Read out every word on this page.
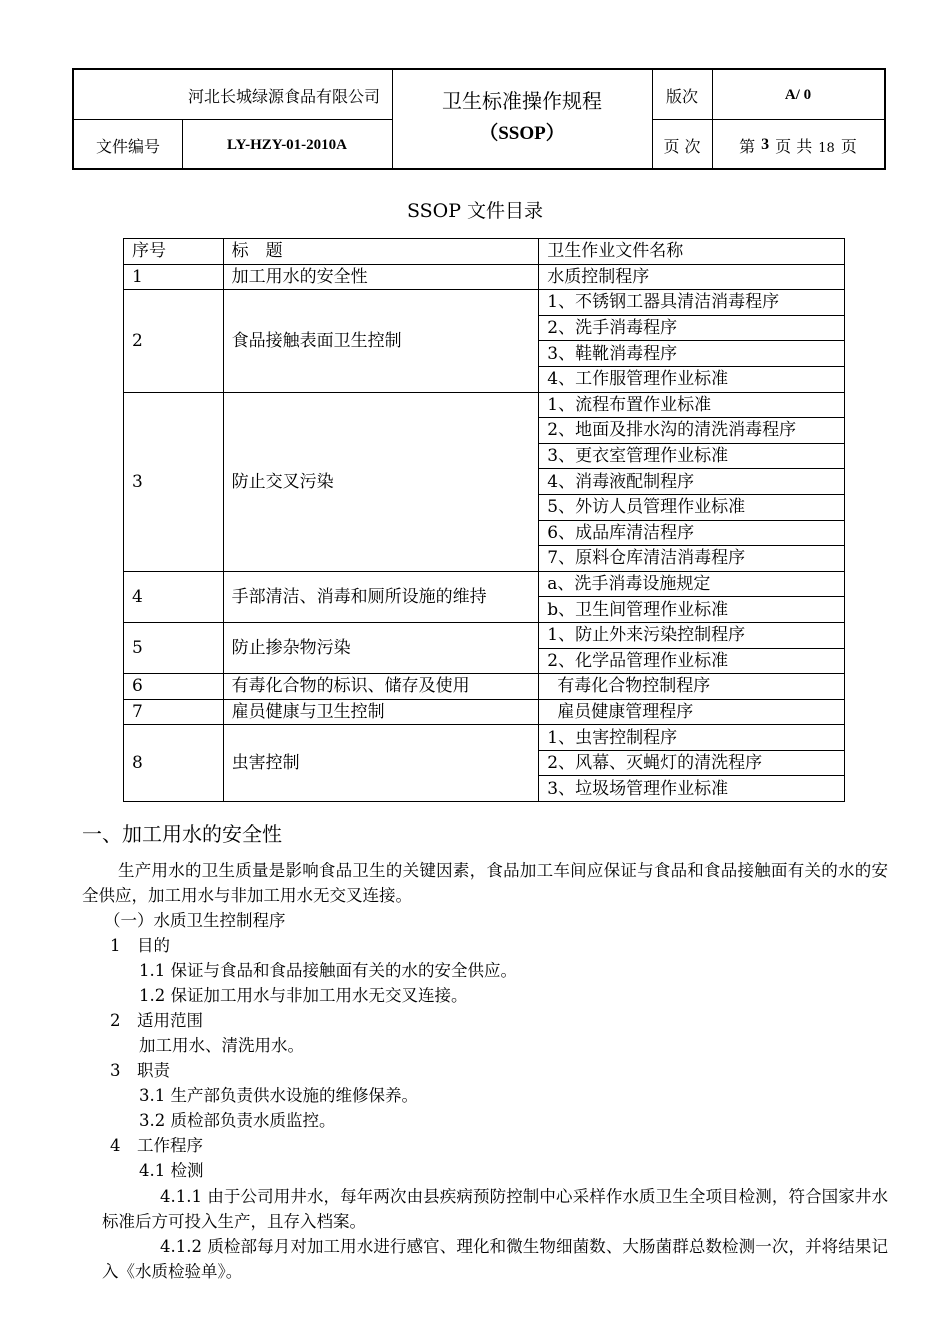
河北长城绿源食品有限公司
文件编号	LY-HZY-01-2010A
卫生标准操作规程
（SSOP）
版次	A/ 0
页 次	第 3 页 共 18 页
SSOP 文件目录
序号	标　题	卫生作业文件名称
1	加工用水的安全性	水质控制程序
2	食品接触表面卫生控制	1、不锈钢工器具清洁消毒程序
		2、洗手消毒程序
		3、鞋靴消毒程序
		4、工作服管理作业标准
3	防止交叉污染	1、流程布置作业标准
		2、地面及排水沟的清洗消毒程序
		3、更衣室管理作业标准
		4、消毒液配制程序
		5、外访人员管理作业标准
		6、成品库清洁程序
		7、原料仓库清洁消毒程序
4	手部清洁、消毒和厕所设施的维持	a、洗手消毒设施规定
		b、卫生间管理作业标准
5	防止掺杂物污染	1、防止外来污染控制程序
		2、化学品管理作业标准
6	有毒化合物的标识、储存及使用	有毒化合物控制程序
7	雇员健康与卫生控制	雇员健康管理程序
8	虫害控制	1、虫害控制程序
		2、风幕、灭蝇灯的清洗程序
		3、垃圾场管理作业标准
一、加工用水的安全性
生产用水的卫生质量是影响食品卫生的关键因素，食品加工车间应保证与食品和食品接触面有关的水的安全供应，加工用水与非加工用水无交叉连接。
（一）水质卫生控制程序
1　目的
1.1 保证与食品和食品接触面有关的水的安全供应。
1.2 保证加工用水与非加工用水无交叉连接。
2　适用范围
加工用水、清洗用水。
3　职责
3.1 生产部负责供水设施的维修保养。
3.2 质检部负责水质监控。
4　工作程序
4.1 检测
4.1.1 由于公司用井水，每年两次由县疾病预防控制中心采样作水质卫生全项目检测，符合国家井水标准后方可投入生产，且存入档案。
4.1.2 质检部每月对加工用水进行感官、理化和微生物细菌数、大肠菌群总数检测一次，并将结果记入《水质检验单》。
